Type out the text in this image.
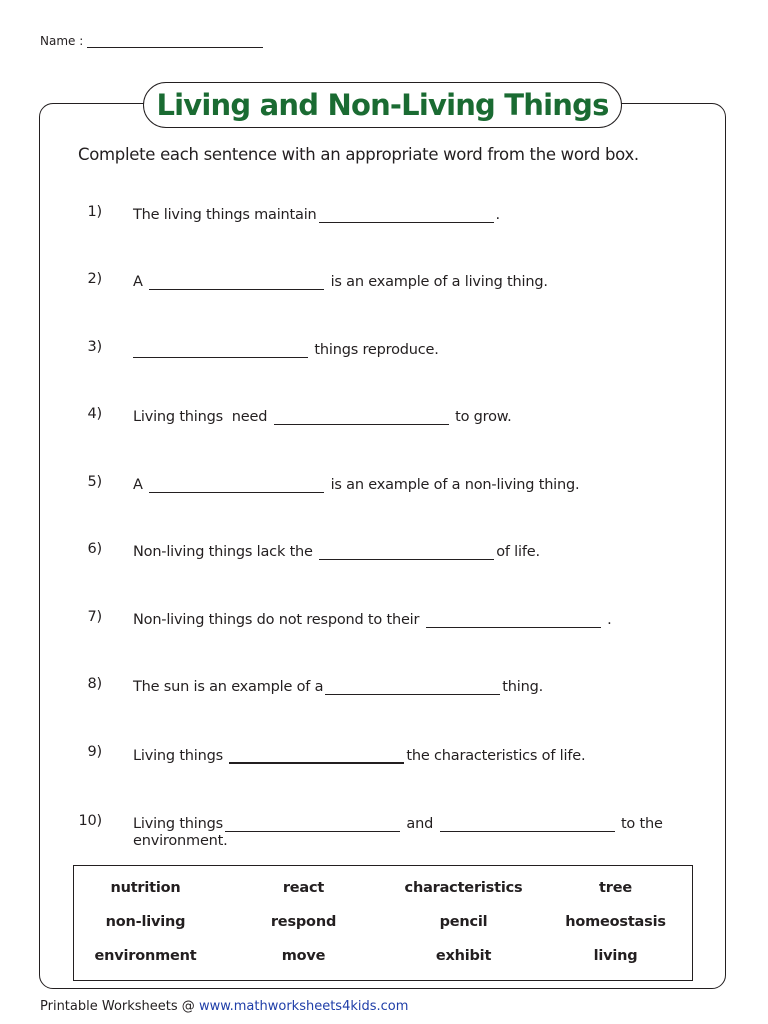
Name :
Living and Non-Living Things
Complete each sentence with an appropriate word from the word box.
1) The living things maintain	.
2) A	is an example of a living thing.
3)	things reproduce.
4) Living things  need	to grow.
5) A	is an example of a non-living thing.
6) Non-living things lack the	of life.
7) Non-living things do not respond to their	.
8) The sun is an example of a	thing.
9) Living things	the characteristics of life.
10) Living things	and	to the
environment.
nutrition	react	characteristics	tree
non-living	respond	pencil	homeostasis
environment	move	exhibit	living
Printable Worksheets @ www.mathworksheets4kids.com
